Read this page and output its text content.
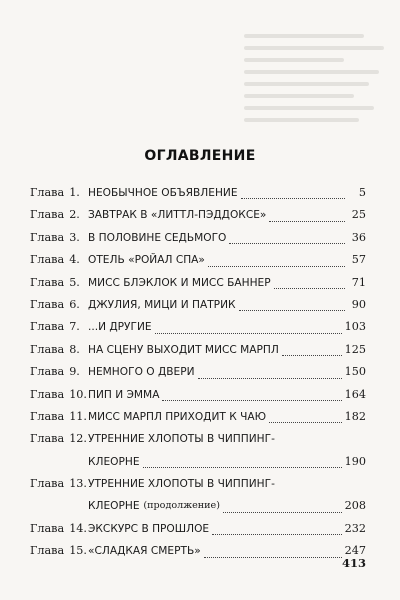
ОГЛАВЛЕНИЕ
Глава 1. НЕОБЫЧНОЕ ОБЪЯВЛЕНИЕ	5
Глава 2. ЗАВТРАК В «ЛИТТЛ-ПЭДДОКСЕ»	25
Глава 3. В ПОЛОВИНЕ СЕДЬМОГО	36
Глава 4. ОТЕЛЬ «РОЙАЛ СПА»	57
Глава 5. МИСС БЛЭКЛОК И МИСС БАННЕР	71
Глава 6. ДЖУЛИЯ, МИЦИ И ПАТРИК	90
Глава 7. ...И ДРУГИЕ	103
Глава 8. НА СЦЕНУ ВЫХОДИТ МИСС МАРПЛ	125
Глава 9. НЕМНОГО О ДВЕРИ	150
Глава 10. ПИП И ЭММА	164
Глава 11. МИСС МАРПЛ ПРИХОДИТ К ЧАЮ	182
Глава 12. УТРЕННИЕ ХЛОПОТЫ В ЧИППИНГ-
КЛЕОРНЕ	190
Глава 13. УТРЕННИЕ ХЛОПОТЫ В ЧИППИНГ-
КЛЕОРНЕ (продолжение)	208
Глава 14. ЭКСКУРС В ПРОШЛОЕ	232
Глава 15. «СЛАДКАЯ СМЕРТЬ»	247
413
